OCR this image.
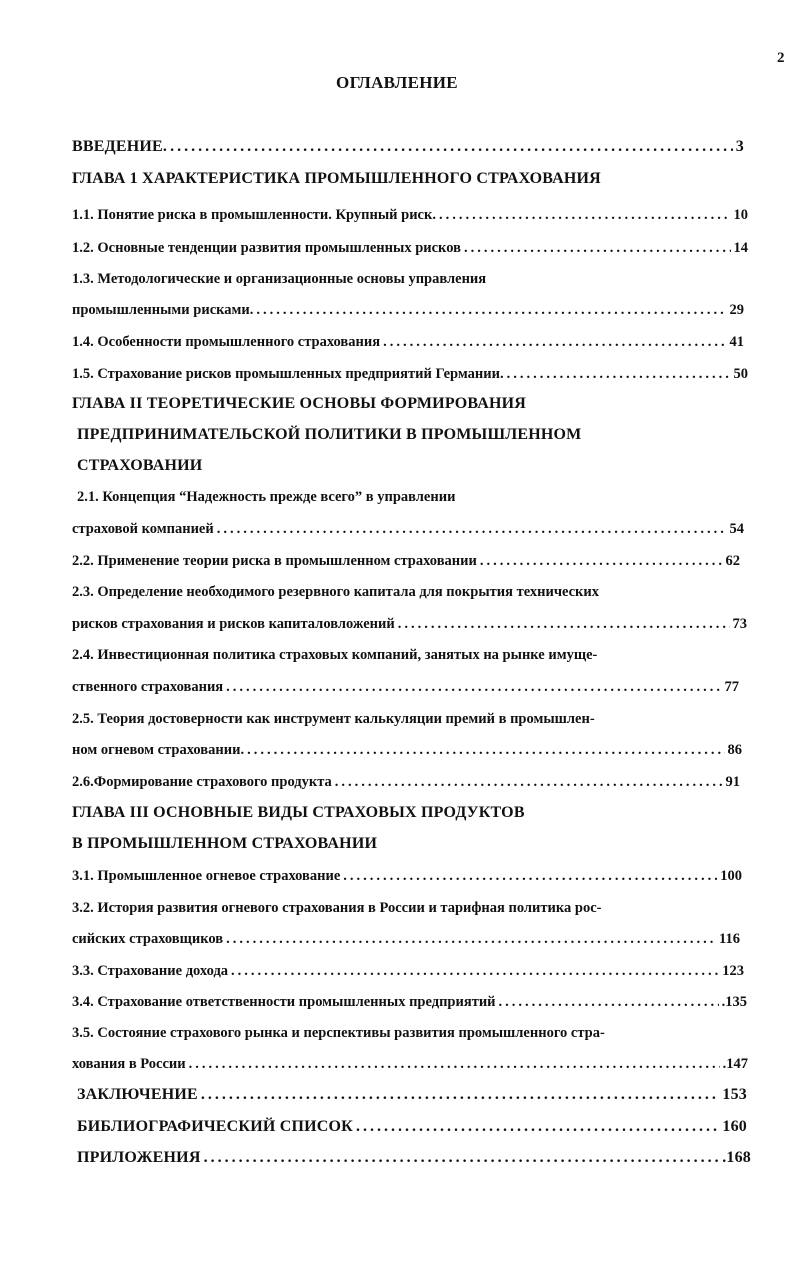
2
ОГЛАВЛЕНИЕ
ВВЕДЕНИЕ. .....	3
ГЛАВА 1 ХАРАКТЕРИСТИКА ПРОМЫШЛЕННОГО СТРАХОВАНИЯ
1.1. Понятие риска в промышленности. Крупный риск. .....	10
1.2. Основные тенденции развития промышленных рисков .....	14
1.3. Методологические и организационные основы управления
промышленными рисками. .....	29
1.4. Особенности промышленного страхования .....	41
1.5. Страхование рисков промышленных предприятий Германии. .....	50
ГЛАВА II ТЕОРЕТИЧЕСКИЕ ОСНОВЫ ФОРМИРОВАНИЯ
ПРЕДПРИНИМАТЕЛЬСКОЙ ПОЛИТИКИ В ПРОМЫШЛЕННОМ
СТРАХОВАНИИ
2.1. Концепция “Надежность прежде всего” в управлении
страховой компанией .....	54
2.2. Применение теории риска в промышленном страховании .....	62
2.3. Определение необходимого резервного капитала для покрытия технических
рисков страхования и рисков капиталовложений .....	73
2.4. Инвестиционная политика страховых компаний, занятых на рынке имуще-
ственного страхования .....	77
2.5. Теория достоверности как инструмент калькуляции премий в промышлен-
ном огневом страховании. .....	86
2.6.Формирование страхового продукта .....	91
ГЛАВА III ОСНОВНЫЕ ВИДЫ СТРАХОВЫХ ПРОДУКТОВ
В ПРОМЫШЛЕННОМ СТРАХОВАНИИ
3.1. Промышленное огневое страхование .....	100
3.2. История развития огневого страхования в России и тарифная политика рос-
сийских страховщиков .....	116
3.3. Страхование дохода .....	123
3.4. Страхование ответственности промышленных предприятий .....	.135
3.5. Состояние страхового рынка и перспективы развития промышленного стра-
хования в России .....	.147
ЗАКЛЮЧЕНИЕ .....	153
БИБЛИОГРАФИЧЕСКИЙ СПИСОК .....	160
ПРИЛОЖЕНИЯ .....	.168
